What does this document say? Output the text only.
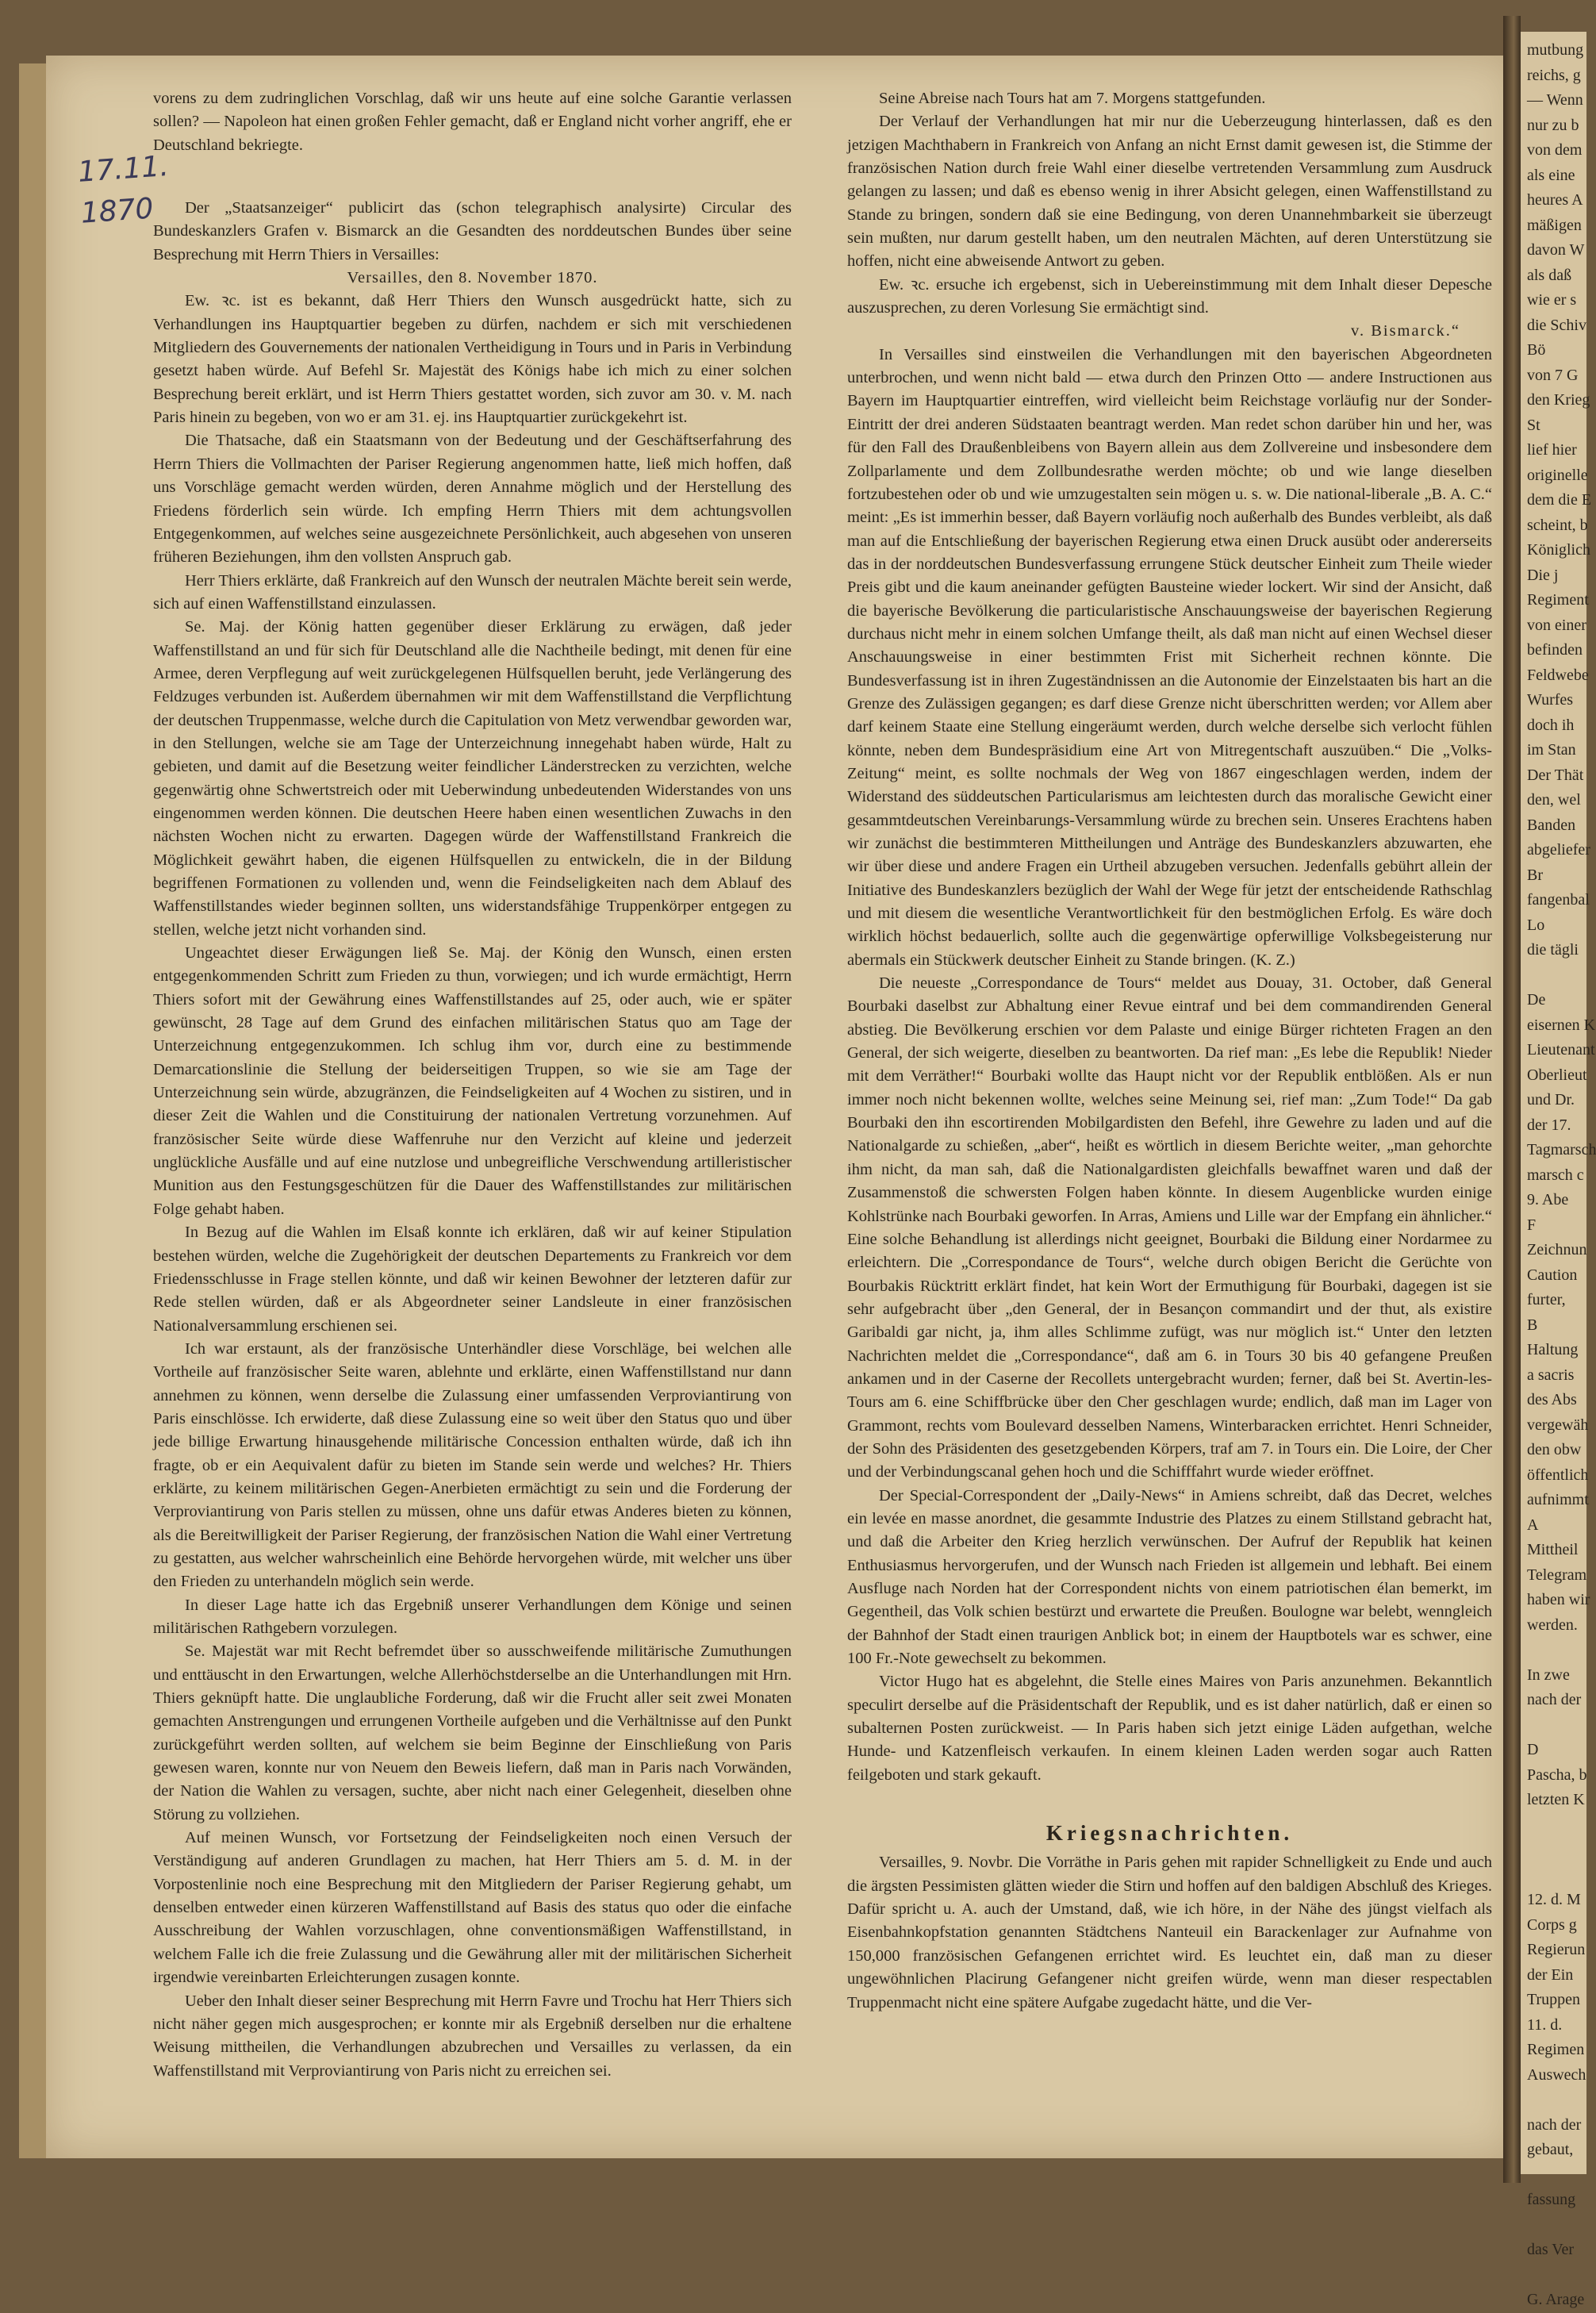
mutbung
reichs, g
— Wenn
nur zu b
von dem
als eine
heures A
mäßigen
davon W
als daß
wie er s
die Schiv
Bö
von 7 G
den Krieg
St
lief hier
originelle
dem die E
scheint, b
Königlich
Die j
Regiment
von einer
befinden
Feldwebe
Wurfes
doch ih
im Stan
Der Thät
den, wel
Banden
abgeliefer
Br
fangenbal
Lo
die tägli
De
eisernen K
Lieutenant
Oberlieut
und Dr.
der 17.
Tagmarsch
marsch c
9. Abe
F
Zeichnun
Caution
furter,
B
Haltung
a sacris
des Abs
vergewäh
den obw
öffentlich
aufnimmt
A
Mittheil
Telegram
haben wir
werden.
In zwe
nach der
D
Pascha, b
letzten K
12. d. M
Corps g
Regierun
der Ein
Truppen
11. d.
Regimen
Auswech
nach der
gebaut,
fassung
das Ver
G. Arage
17.11.
1870

vorens zu dem zudringlichen Vorschlag, daß wir uns heute auf eine solche Garantie verlassen sollen? — Napoleon hat einen großen Fehler gemacht, daß er England nicht vorher angriff, ehe er Deutschland bekriegte.

Der „Staatsanzeiger“ publicirt das (schon telegraphisch analysirte) Circular des Bundeskanzlers Grafen v. Bismarck an die Gesandten des norddeutschen Bundes über seine Besprechung mit Herrn Thiers in Versailles:

Versailles, den 8. November 1870.

Ew. ꝛc. ist es bekannt, daß Herr Thiers den Wunsch ausgedrückt hatte, sich zu Verhandlungen ins Hauptquartier begeben zu dürfen, nachdem er sich mit verschiedenen Mitgliedern des Gouvernements der nationalen Vertheidigung in Tours und in Paris in Verbindung gesetzt haben würde. Auf Befehl Sr. Majestät des Königs habe ich mich zu einer solchen Besprechung bereit erklärt, und ist Herrn Thiers gestattet worden, sich zuvor am 30. v. M. nach Paris hinein zu begeben, von wo er am 31. ej. ins Hauptquartier zurückgekehrt ist.

Die Thatsache, daß ein Staatsmann von der Bedeutung und der Geschäftserfahrung des Herrn Thiers die Vollmachten der Pariser Regierung angenommen hatte, ließ mich hoffen, daß uns Vorschläge gemacht werden würden, deren Annahme möglich und der Herstellung des Friedens förderlich sein würde. Ich empfing Herrn Thiers mit dem achtungsvollen Entgegenkommen, auf welches seine ausgezeichnete Persönlichkeit, auch abgesehen von unseren früheren Beziehungen, ihm den vollsten Anspruch gab.

Herr Thiers erklärte, daß Frankreich auf den Wunsch der neutralen Mächte bereit sein werde, sich auf einen Waffenstillstand einzulassen.

Se. Maj. der König hatten gegenüber dieser Erklärung zu erwägen, daß jeder Waffenstillstand an und für sich für Deutschland alle die Nachtheile bedingt, mit denen für eine Armee, deren Verpflegung auf weit zurückgelegenen Hülfsquellen beruht, jede Verlängerung des Feldzuges verbunden ist. Außerdem übernahmen wir mit dem Waffenstillstand die Verpflichtung der deutschen Truppenmasse, welche durch die Capitulation von Metz verwendbar geworden war, in den Stellungen, welche sie am Tage der Unterzeichnung innegehabt haben würde, Halt zu gebieten, und damit auf die Besetzung weiter feindlicher Länderstrecken zu verzichten, welche gegenwärtig ohne Schwertstreich oder mit Ueberwindung unbedeutenden Widerstandes von uns eingenommen werden können. Die deutschen Heere haben einen wesentlichen Zuwachs in den nächsten Wochen nicht zu erwarten. Dagegen würde der Waffenstillstand Frankreich die Möglichkeit gewährt haben, die eigenen Hülfsquellen zu entwickeln, die in der Bildung begriffenen Formationen zu vollenden und, wenn die Feindseligkeiten nach dem Ablauf des Waffenstillstandes wieder beginnen sollten, uns widerstandsfähige Truppenkörper entgegen zu stellen, welche jetzt nicht vorhanden sind.

Ungeachtet dieser Erwägungen ließ Se. Maj. der König den Wunsch, einen ersten entgegenkommenden Schritt zum Frieden zu thun, vorwiegen; und ich wurde ermächtigt, Herrn Thiers sofort mit der Gewährung eines Waffenstillstandes auf 25, oder auch, wie er später gewünscht, 28 Tage auf dem Grund des einfachen militärischen Status quo am Tage der Unterzeichnung entgegenzukommen. Ich schlug ihm vor, durch eine zu bestimmende Demarcationslinie die Stellung der beiderseitigen Truppen, so wie sie am Tage der Unterzeichnung sein würde, abzugränzen, die Feindseligkeiten auf 4 Wochen zu sistiren, und in dieser Zeit die Wahlen und die Constituirung der nationalen Vertretung vorzunehmen. Auf französischer Seite würde diese Waffenruhe nur den Verzicht auf kleine und jederzeit unglückliche Ausfälle und auf eine nutzlose und unbegreifliche Verschwendung artilleristischer Munition aus den Festungsgeschützen für die Dauer des Waffenstillstandes zur militärischen Folge gehabt haben.

In Bezug auf die Wahlen im Elsaß konnte ich erklären, daß wir auf keiner Stipulation bestehen würden, welche die Zugehörigkeit der deutschen Departements zu Frankreich vor dem Friedensschlusse in Frage stellen könnte, und daß wir keinen Bewohner der letzteren dafür zur Rede stellen würden, daß er als Abgeordneter seiner Landsleute in einer französischen Nationalversammlung erschienen sei.

Ich war erstaunt, als der französische Unterhändler diese Vorschläge, bei welchen alle Vortheile auf französischer Seite waren, ablehnte und erklärte, einen Waffenstillstand nur dann annehmen zu können, wenn derselbe die Zulassung einer umfassenden Verproviantirung von Paris einschlösse. Ich erwiderte, daß diese Zulassung eine so weit über den Status quo und über jede billige Erwartung hinausgehende militärische Concession enthalten würde, daß ich ihn fragte, ob er ein Aequivalent dafür zu bieten im Stande sein werde und welches? Hr. Thiers erklärte, zu keinem militärischen Gegen-Anerbieten ermächtigt zu sein und die Forderung der Verproviantirung von Paris stellen zu müssen, ohne uns dafür etwas Anderes bieten zu können, als die Bereitwilligkeit der Pariser Regierung, der französischen Nation die Wahl einer Vertretung zu gestatten, aus welcher wahrscheinlich eine Behörde hervorgehen würde, mit welcher uns über den Frieden zu unterhandeln möglich sein werde.

In dieser Lage hatte ich das Ergebniß unserer Verhandlungen dem Könige und seinen militärischen Rathgebern vorzulegen.

Se. Majestät war mit Recht befremdet über so ausschweifende militärische Zumuthungen und enttäuscht in den Erwartungen, welche Allerhöchstderselbe an die Unterhandlungen mit Hrn. Thiers geknüpft hatte. Die unglaubliche Forderung, daß wir die Frucht aller seit zwei Monaten gemachten Anstrengungen und errungenen Vortheile aufgeben und die Verhältnisse auf den Punkt zurückgeführt werden sollten, auf welchem sie beim Beginne der Einschließung von Paris gewesen waren, konnte nur von Neuem den Beweis liefern, daß man in Paris nach Vorwänden, der Nation die Wahlen zu versagen, suchte, aber nicht nach einer Gelegenheit, dieselben ohne Störung zu vollziehen.

Auf meinen Wunsch, vor Fortsetzung der Feindseligkeiten noch einen Versuch der Verständigung auf anderen Grundlagen zu machen, hat Herr Thiers am 5. d. M. in der Vorpostenlinie noch eine Besprechung mit den Mitgliedern der Pariser Regierung gehabt, um denselben entweder einen kürzeren Waffenstillstand auf Basis des status quo oder die einfache Ausschreibung der Wahlen vorzuschlagen, ohne conventionsmäßigen Waffenstillstand, in welchem Falle ich die freie Zulassung und die Gewährung aller mit der militärischen Sicherheit irgendwie vereinbarten Erleichterungen zusagen konnte.

Ueber den Inhalt dieser seiner Besprechung mit Herrn Favre und Trochu hat Herr Thiers sich nicht näher gegen mich ausgesprochen; er konnte mir als Ergebniß derselben nur die erhaltene Weisung mittheilen, die Verhandlungen abzubrechen und Versailles zu verlassen, da ein Waffenstillstand mit Verproviantirung von Paris nicht zu erreichen sei.

Seine Abreise nach Tours hat am 7. Morgens stattgefunden.

Der Verlauf der Verhandlungen hat mir nur die Ueberzeugung hinterlassen, daß es den jetzigen Machthabern in Frankreich von Anfang an nicht Ernst damit gewesen ist, die Stimme der französischen Nation durch freie Wahl einer dieselbe vertretenden Versammlung zum Ausdruck gelangen zu lassen; und daß es ebenso wenig in ihrer Absicht gelegen, einen Waffenstillstand zu Stande zu bringen, sondern daß sie eine Bedingung, von deren Unannehmbarkeit sie überzeugt sein mußten, nur darum gestellt haben, um den neutralen Mächten, auf deren Unterstützung sie hoffen, nicht eine abweisende Antwort zu geben.

Ew. ꝛc. ersuche ich ergebenst, sich in Uebereinstimmung mit dem Inhalt dieser Depesche auszusprechen, zu deren Vorlesung Sie ermächtigt sind.

v. Bismarck.“

In Versailles sind einstweilen die Verhandlungen mit den bayerischen Abgeordneten unterbrochen, und wenn nicht bald — etwa durch den Prinzen Otto — andere Instructionen aus Bayern im Hauptquartier eintreffen, wird vielleicht beim Reichstage vorläufig nur der Sonder-Eintritt der drei anderen Südstaaten beantragt werden. Man redet schon darüber hin und her, was für den Fall des Draußenbleibens von Bayern allein aus dem Zollvereine und insbesondere dem Zollparlamente und dem Zollbundesrathe werden möchte; ob und wie lange dieselben fortzubestehen oder ob und wie umzugestalten sein mögen u. s. w. Die national-liberale „B. A. C.“ meint: „Es ist immerhin besser, daß Bayern vorläufig noch außerhalb des Bundes verbleibt, als daß man auf die Entschließung der bayerischen Regierung etwa einen Druck ausübt oder andererseits das in der norddeutschen Bundesverfassung errungene Stück deutscher Einheit zum Theile wieder Preis gibt und die kaum aneinander gefügten Bausteine wieder lockert. Wir sind der Ansicht, daß die bayerische Bevölkerung die particularistische Anschauungsweise der bayerischen Regierung durchaus nicht mehr in einem solchen Umfange theilt, als daß man nicht auf einen Wechsel dieser Anschauungsweise in einer bestimmten Frist mit Sicherheit rechnen könnte. Die Bundesverfassung ist in ihren Zugeständnissen an die Autonomie der Einzelstaaten bis hart an die Grenze des Zulässigen gegangen; es darf diese Grenze nicht überschritten werden; vor Allem aber darf keinem Staate eine Stellung eingeräumt werden, durch welche derselbe sich verlocht fühlen könnte, neben dem Bundespräsidium eine Art von Mitregentschaft auszuüben.“ Die „Volks-Zeitung“ meint, es sollte nochmals der Weg von 1867 eingeschlagen werden, indem der Widerstand des süddeutschen Particularismus am leichtesten durch das moralische Gewicht einer gesammtdeutschen Vereinbarungs-Versammlung würde zu brechen sein. Unseres Erachtens haben wir zunächst die bestimmteren Mittheilungen und Anträge des Bundeskanzlers abzuwarten, ehe wir über diese und andere Fragen ein Urtheil abzugeben versuchen. Jedenfalls gebührt allein der Initiative des Bundeskanzlers bezüglich der Wahl der Wege für jetzt der entscheidende Rathschlag und mit diesem die wesentliche Verantwortlichkeit für den bestmöglichen Erfolg. Es wäre doch wirklich höchst bedauerlich, sollte auch die gegenwärtige opferwillige Volksbegeisterung nur abermals ein Stückwerk deutscher Einheit zu Stande bringen. (K. Z.)

Die neueste „Correspondance de Tours“ meldet aus Douay, 31. October, daß General Bourbaki daselbst zur Abhaltung einer Revue eintraf und bei dem commandirenden General abstieg. Die Bevölkerung erschien vor dem Palaste und einige Bürger richteten Fragen an den General, der sich weigerte, dieselben zu beantworten. Da rief man: „Es lebe die Republik! Nieder mit dem Verräther!“ Bourbaki wollte das Haupt nicht vor der Republik entblößen. Als er nun immer noch nicht bekennen wollte, welches seine Meinung sei, rief man: „Zum Tode!“ Da gab Bourbaki den ihn escortirenden Mobilgardisten den Befehl, ihre Gewehre zu laden und auf die Nationalgarde zu schießen, „aber“, heißt es wörtlich in diesem Berichte weiter, „man gehorchte ihm nicht, da man sah, daß die Nationalgardisten gleichfalls bewaffnet waren und daß der Zusammenstoß die schwersten Folgen haben könnte. In diesem Augenblicke wurden einige Kohlstrünke nach Bourbaki geworfen. In Arras, Amiens und Lille war der Empfang ein ähnlicher.“ Eine solche Behandlung ist allerdings nicht geeignet, Bourbaki die Bildung einer Nordarmee zu erleichtern. Die „Correspondance de Tours“, welche durch obigen Bericht die Gerüchte von Bourbakis Rücktritt erklärt findet, hat kein Wort der Ermuthigung für Bourbaki, dagegen ist sie sehr aufgebracht über „den General, der in Besançon commandirt und der thut, als existire Garibaldi gar nicht, ja, ihm alles Schlimme zufügt, was nur möglich ist.“ Unter den letzten Nachrichten meldet die „Correspondance“, daß am 6. in Tours 30 bis 40 gefangene Preußen ankamen und in der Caserne der Recollets untergebracht wurden; ferner, daß bei St. Avertin-les-Tours am 6. eine Schiffbrücke über den Cher geschlagen wurde; endlich, daß man im Lager von Grammont, rechts vom Boulevard desselben Namens, Winterbaracken errichtet. Henri Schneider, der Sohn des Präsidenten des gesetzgebenden Körpers, traf am 7. in Tours ein. Die Loire, der Cher und der Verbindungscanal gehen hoch und die Schifffahrt wurde wieder eröffnet.

Der Special-Correspondent der „Daily-News“ in Amiens schreibt, daß das Decret, welches ein levée en masse anordnet, die gesammte Industrie des Platzes zu einem Stillstand gebracht hat, und daß die Arbeiter den Krieg herzlich verwünschen. Der Aufruf der Republik hat keinen Enthusiasmus hervorgerufen, und der Wunsch nach Frieden ist allgemein und lebhaft. Bei einem Ausfluge nach Norden hat der Correspondent nichts von einem patriotischen élan bemerkt, im Gegentheil, das Volk schien bestürzt und erwartete die Preußen. Boulogne war belebt, wenngleich der Bahnhof der Stadt einen traurigen Anblick bot; in einem der Hauptbotels war es schwer, eine 100 Fr.-Note gewechselt zu bekommen.

Victor Hugo hat es abgelehnt, die Stelle eines Maires von Paris anzunehmen. Bekanntlich speculirt derselbe auf die Präsidentschaft der Republik, und es ist daher natürlich, daß er einen so subalternen Posten zurückweist. — In Paris haben sich jetzt einige Läden aufgethan, welche Hunde- und Katzenfleisch verkaufen. In einem kleinen Laden werden sogar auch Ratten feilgeboten und stark gekauft.

Kriegsnachrichten.

Versailles, 9. Novbr. Die Vorräthe in Paris gehen mit rapider Schnelligkeit zu Ende und auch die ärgsten Pessimisten glätten wieder die Stirn und hoffen auf den baldigen Abschluß des Krieges. Dafür spricht u. A. auch der Umstand, daß, wie ich höre, in der Nähe des jüngst vielfach als Eisenbahnkopfstation genannten Städtchens Nanteuil ein Barackenlager zur Aufnahme von 150,000 französischen Gefangenen errichtet wird. Es leuchtet ein, daß man zu dieser ungewöhnlichen Placirung Gefangener nicht greifen würde, wenn man dieser respectablen Truppenmacht nicht eine spätere Aufgabe zugedacht hätte, und die Ver-
